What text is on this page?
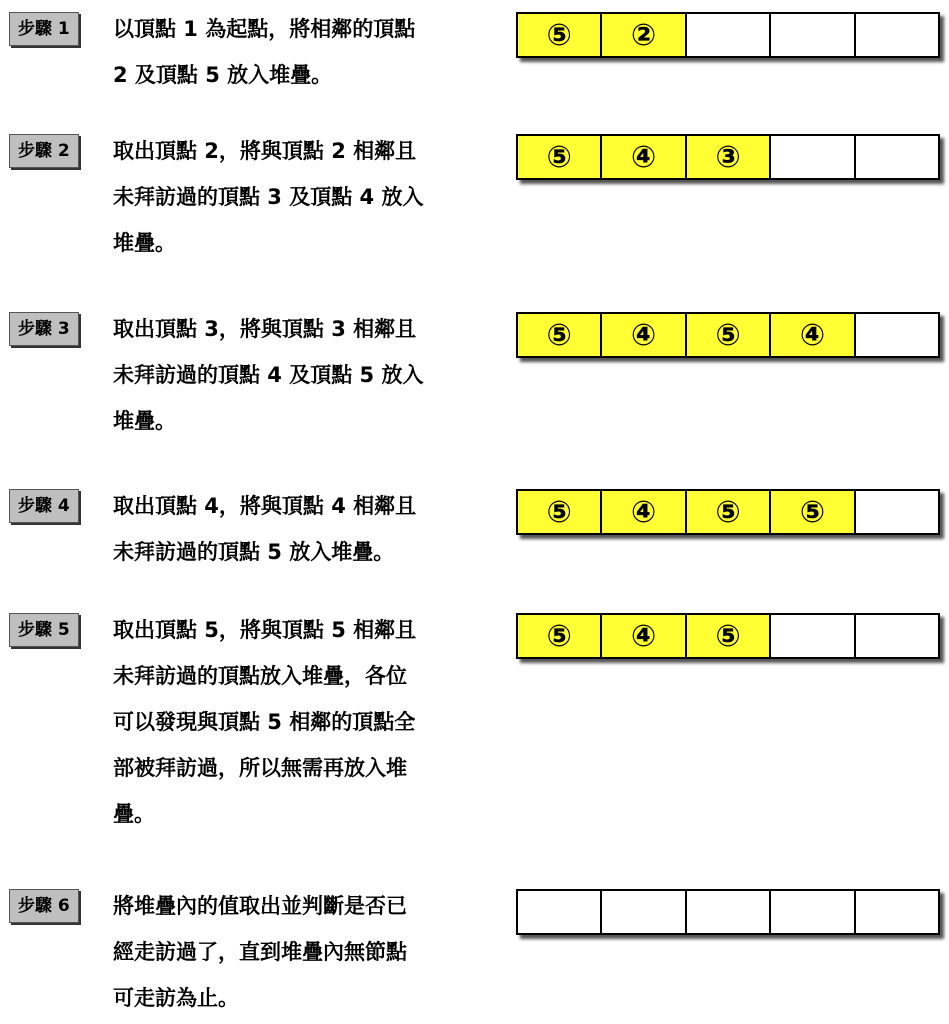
步驟 1	以頂點 1 為起點，將相鄰的頂點
2 及頂點 5 放入堆疊。
⑤	②
步驟 2	取出頂點 2，將與頂點 2 相鄰且
未拜訪過的頂點 3 及頂點 4 放入
堆疊。
⑤	④	③
步驟 3	取出頂點 3，將與頂點 3 相鄰且
未拜訪過的頂點 4 及頂點 5 放入
堆疊。
⑤	④	⑤	④
步驟 4	取出頂點 4，將與頂點 4 相鄰且
未拜訪過的頂點 5 放入堆疊。
⑤	④	⑤	⑤
步驟 5	取出頂點 5，將與頂點 5 相鄰且
未拜訪過的頂點放入堆疊，各位
可以發現與頂點 5 相鄰的頂點全
部被拜訪過，所以無需再放入堆
疊。
⑤	④	⑤
步驟 6	將堆疊內的值取出並判斷是否已
經走訪過了，直到堆疊內無節點
可走訪為止。
